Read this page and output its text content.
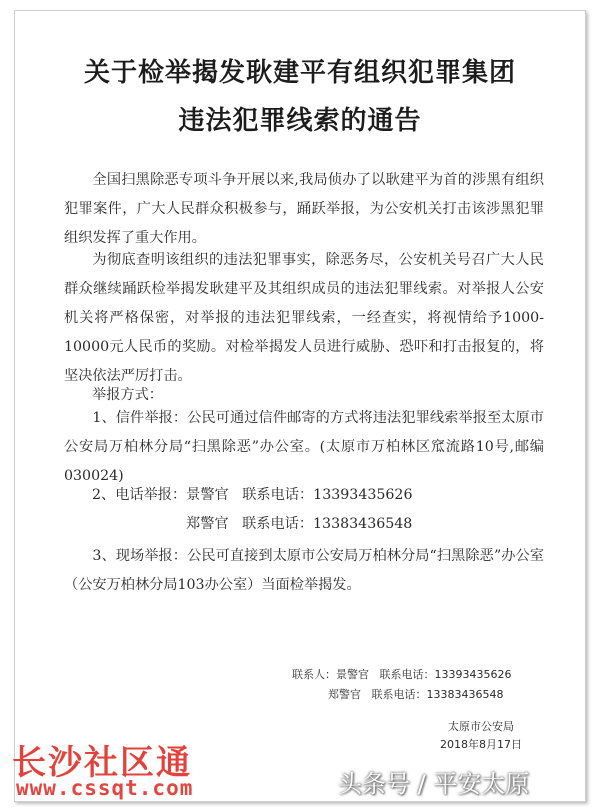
关于检举揭发耿建平有组织犯罪集团
违法犯罪线索的通告
全国扫黑除恶专项斗争开展以来,我局侦办了以耿建平为首的涉黑有组织犯罪案件，广大人民群众积极参与，踊跃举报，为公安机关打击该涉黑犯罪组织发挥了重大作用。
为彻底查明该组织的违法犯罪事实，除恶务尽，公安机关号召广大人民群众继续踊跃检举揭发耿建平及其组织成员的违法犯罪线索。对举报人公安机关将严格保密，对举报的违法犯罪线索，一经查实，将视情给予1000-10000元人民币的奖励。对检举揭发人员进行威胁、恐吓和打击报复的，将坚决依法严厉打击。
举报方式：
1、信件举报：公民可通过信件邮寄的方式将违法犯罪线索举报至太原市公安局万柏林分局“扫黑除恶”办公室。(太原市万柏林区窊流路10号,邮编030024)
2、电话举报：景警官   联系电话：13393435626
郑警官   联系电话：13383436548
3、现场举报：公民可直接到太原市公安局万柏林分局“扫黑除恶”办公室（公安万柏林分局103办公室）当面检举揭发。
联系人：景警官   联系电话：13393435626
郑警官   联系电话：13383436548
太原市公安局
2018年8月17日
长沙社区通
www.cssqt.com	头条号 / 平安太原
